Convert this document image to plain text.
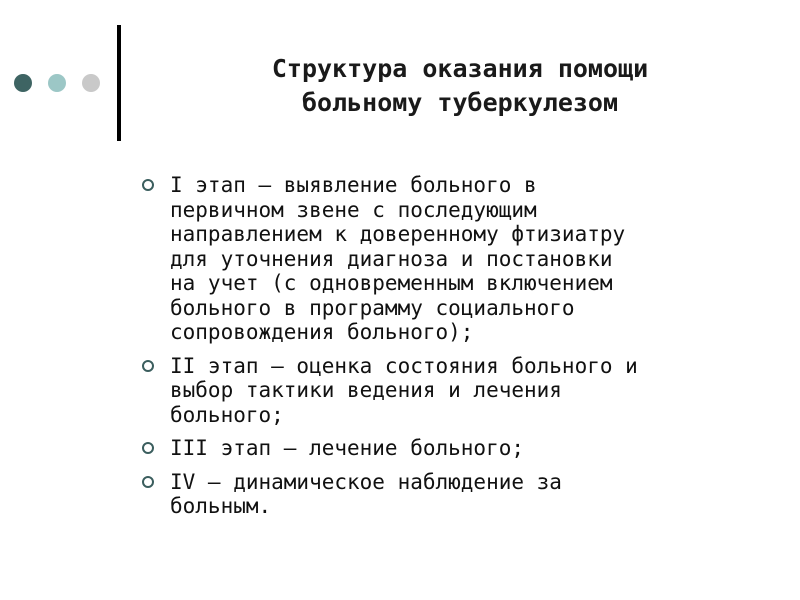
Структура оказания помощи
больному туберкулезом
I этап — выявление больного в
первичном звене с последующим
направлением к доверенному фтизиатру
для уточнения диагноза и постановки
на учет (с одновременным включением
больного в программу социального
сопровождения больного);
II этап — оценка состояния больного и
выбор тактики ведения и лечения
больного;
III этап — лечение больного;
IV — динамическое наблюдение за
больным.
